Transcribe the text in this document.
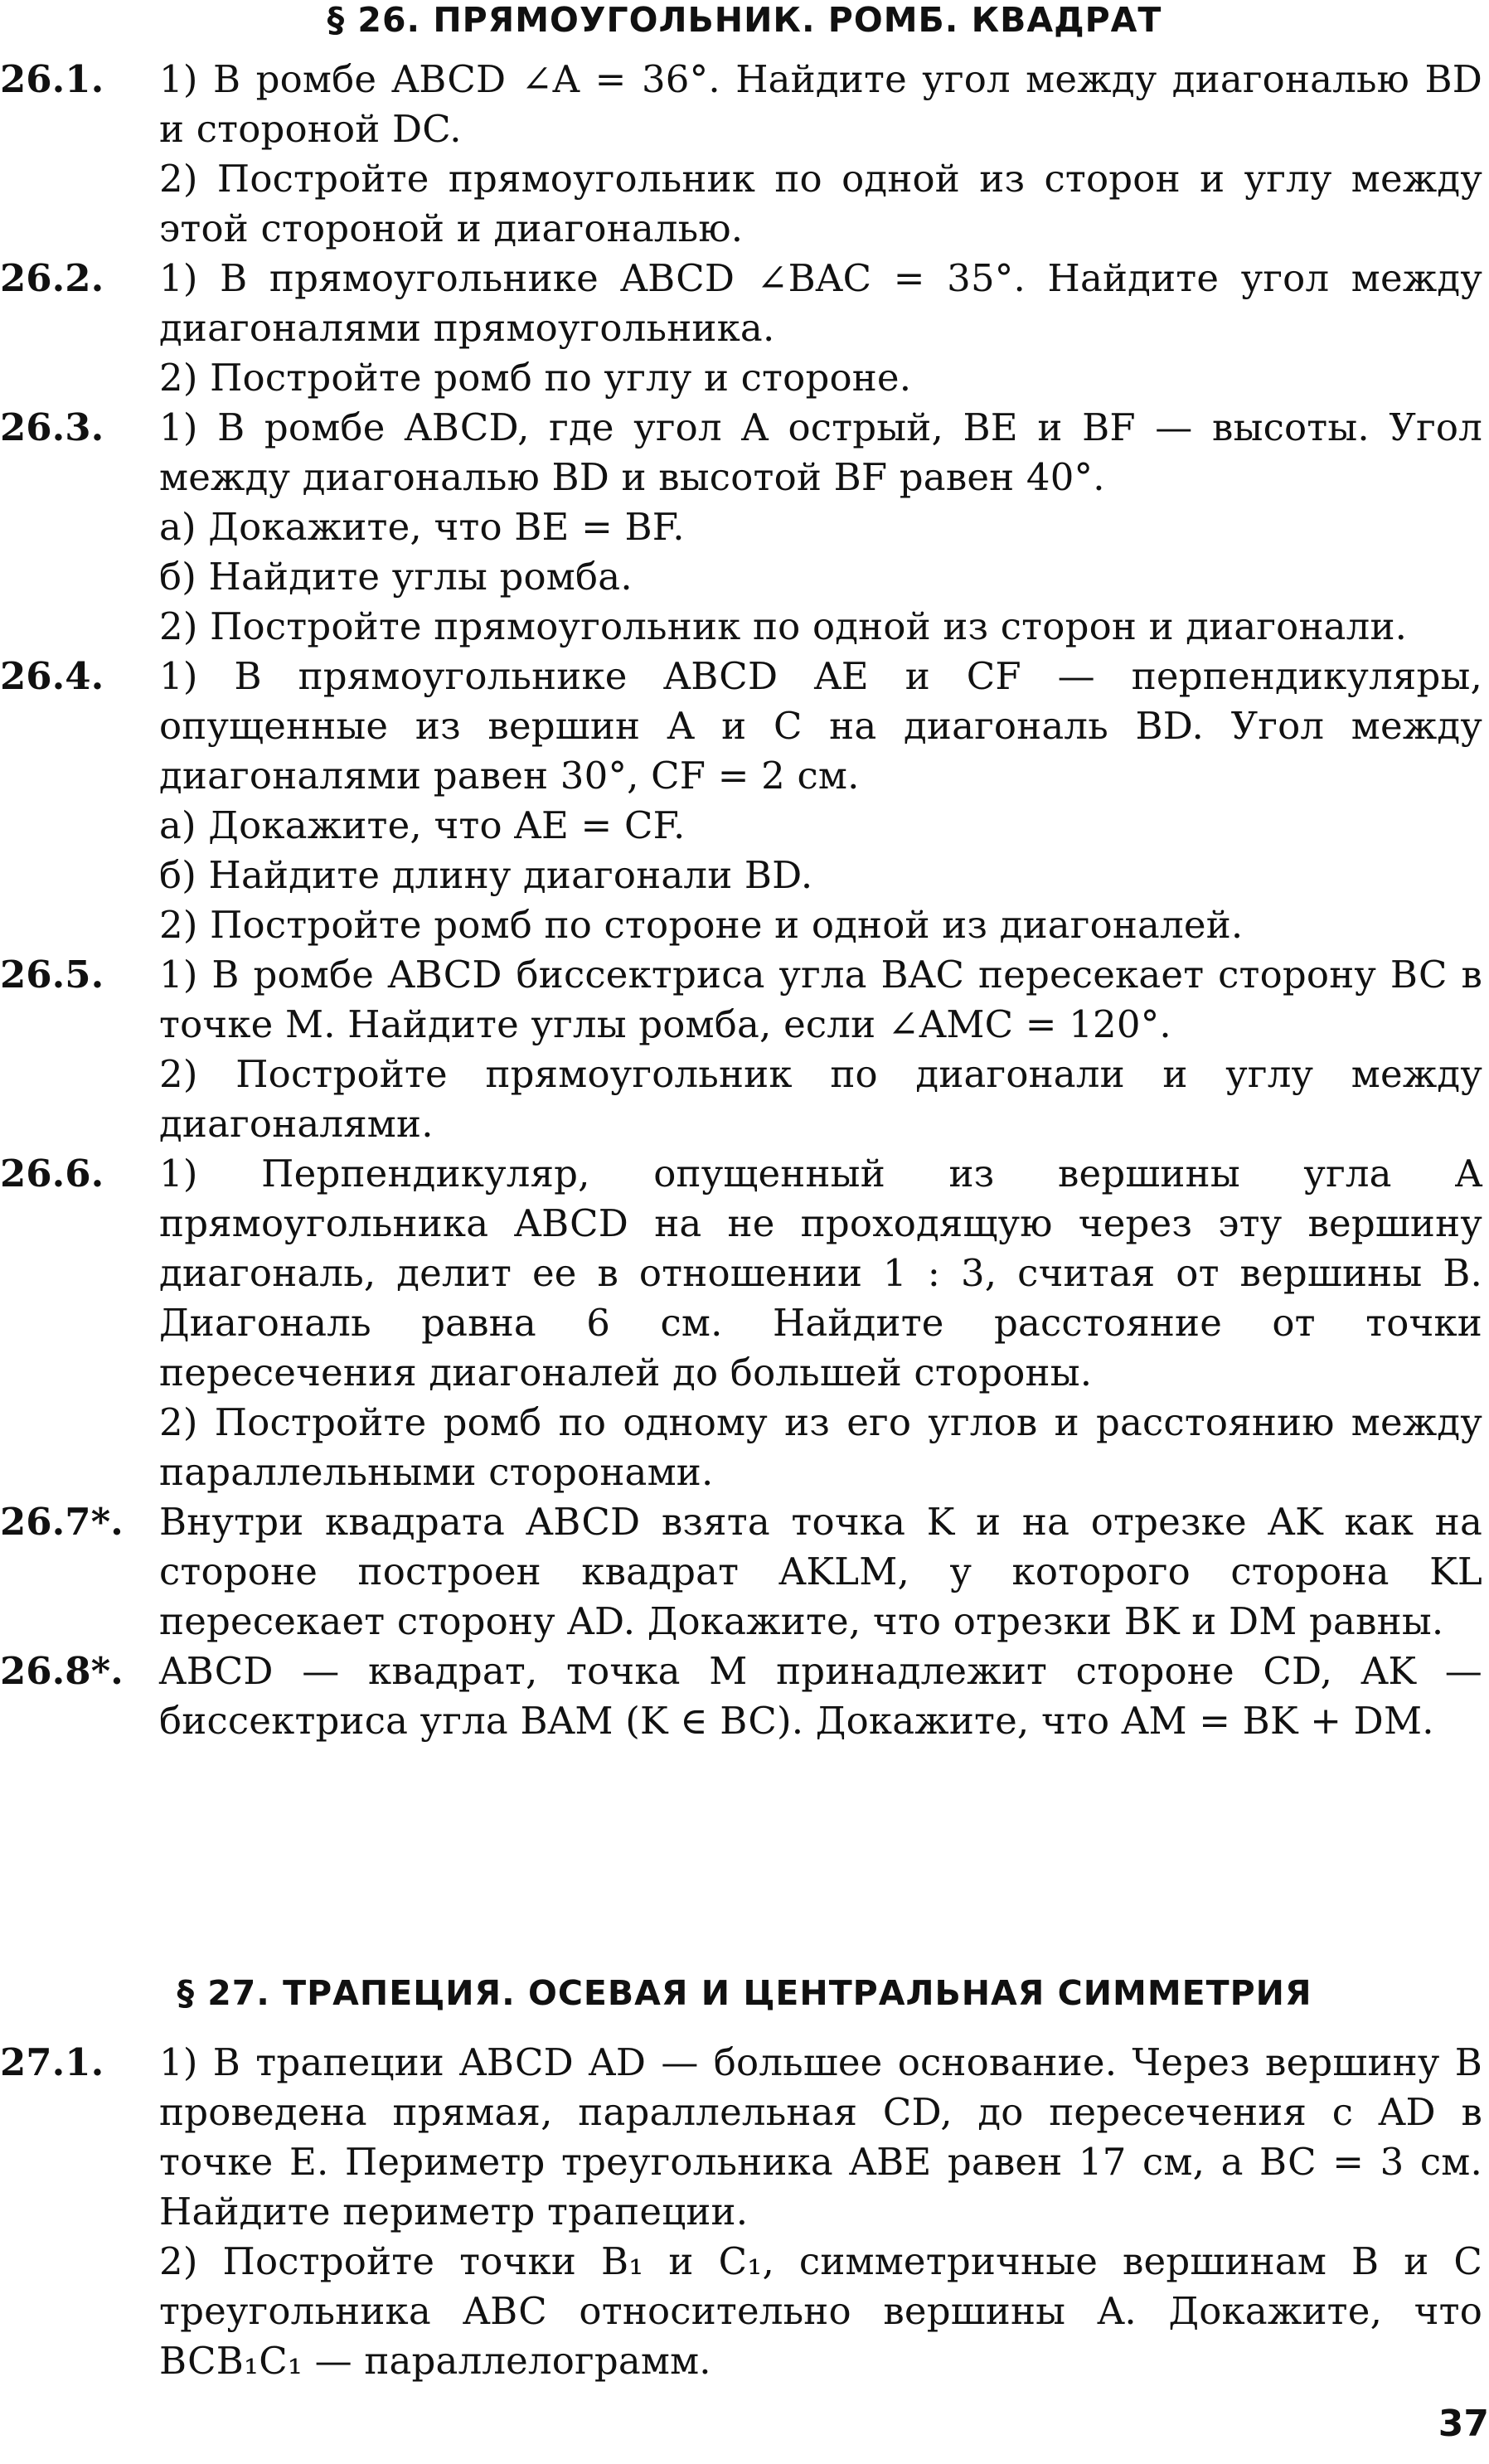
§ 26. ПРЯМОУГОЛЬНИК. РОМБ. КВАДРАТ
26.1. 1) В ромбе ABCD ∠A = 36°. Найдите угол между диагональю BD и стороной DC.

2) Постройте прямоугольник по одной из сторон и углу между этой стороной и диагональю.

26.2. 1) В прямоугольнике ABCD ∠BAC = 35°. Найдите угол между диагоналями прямоугольника.

2) Постройте ромб по углу и стороне.

26.3. 1) В ромбе ABCD, где угол A острый, BE и BF — высоты. Угол между диагональю BD и высотой BF равен 40°.

а) Докажите, что BE = BF.

б) Найдите углы ромба.

2) Постройте прямоугольник по одной из сторон и диагонали.

26.4. 1) В прямоугольнике ABCD AE и CF — перпендикуляры, опущенные из вершин A и C на диагональ BD. Угол между диагоналями равен 30°, CF = 2 см.

а) Докажите, что AE = CF.

б) Найдите длину диагонали BD.

2) Постройте ромб по стороне и одной из диагоналей.

26.5. 1) В ромбе ABCD биссектриса угла BAC пересекает сторону BC в точке M. Найдите углы ромба, если ∠AMC = 120°.

2) Постройте прямоугольник по диагонали и углу между диагоналями.

26.6. 1) Перпендикуляр, опущенный из вершины угла A прямоугольника ABCD на не проходящую через эту вершину диагональ, делит ее в отношении 1 : 3, считая от вершины B. Диагональ равна 6 см. Найдите расстояние от точки пересечения диагоналей до большей стороны.

2) Постройте ромб по одному из его углов и расстоянию между параллельными сторонами.

26.7*. Внутри квадрата ABCD взята точка K и на отрезке AK как на стороне построен квадрат AKLM, у которого сторона KL пересекает сторону AD. Докажите, что отрезки BK и DM равны.

26.8*. ABCD — квадрат, точка M принадлежит стороне CD, AK — биссектриса угла BAM (K ∈ BC). Докажите, что AM = BK + DM.

§ 27. ТРАПЕЦИЯ. ОСЕВАЯ И ЦЕНТРАЛЬНАЯ СИММЕТРИЯ
27.1. 1) В трапеции ABCD AD — большее основание. Через вершину B проведена прямая, параллельная CD, до пересечения с AD в точке E. Периметр треугольника ABE равен 17 см, а BC = 3 см. Найдите периметр трапеции.

2) Постройте точки B₁ и C₁, симметричные вершинам B и C треугольника ABC относительно вершины A. Докажите, что BCB₁C₁ — параллелограмм.

37
